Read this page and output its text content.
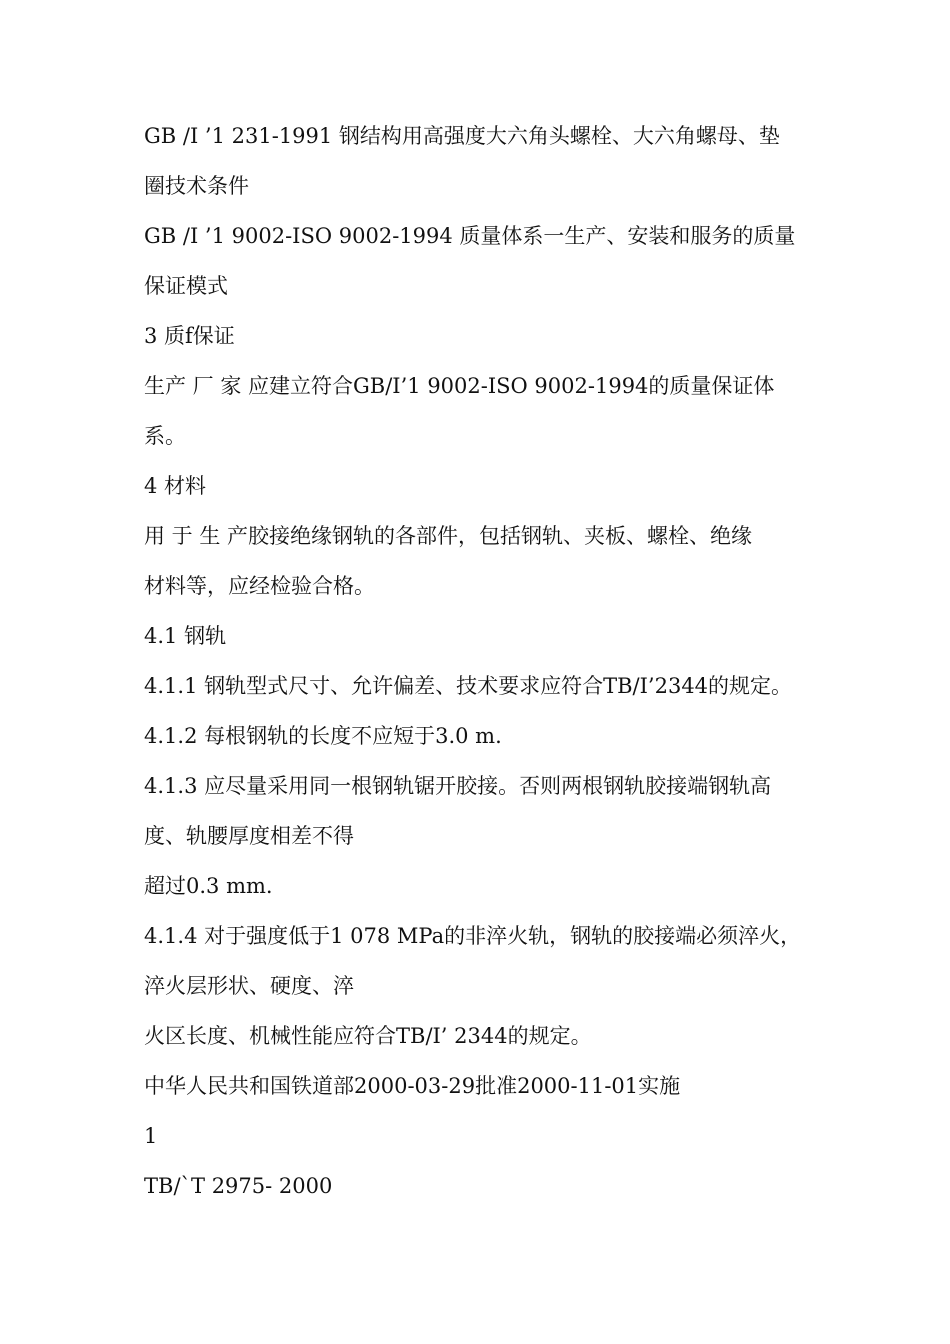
GB /I ’1 231-1991 钢结构用高强度大六角头螺栓、大六角螺母、垫
圈技术条件
GB /I ’1 9002-ISO 9002-1994 质量体系一生产、安装和服务的质量
保证模式
3 质f保证
生产 厂 家 应建立符合GB/I’1 9002-ISO 9002-1994的质量保证体
系。
4 材料
用 于 生 产胶接绝缘钢轨的各部件，包括钢轨、夹板、螺栓、绝缘
材料等，应经检验合格。
4.1 钢轨
4.1.1 钢轨型式尺寸、允许偏差、技术要求应符合TB/I’2344的规定。
4.1.2 每根钢轨的长度不应短于3.0 m.
4.1.3 应尽量采用同一根钢轨锯开胶接。否则两根钢轨胶接端钢轨高
度、轨腰厚度相差不得
超过0.3 mm.
4.1.4 对于强度低于1 078 MPa的非淬火轨，钢轨的胶接端必须淬火，
淬火层形状、硬度、淬
火区长度、机械性能应符合TB/I’ 2344的规定。
中华人民共和国铁道部2000-03-29批准2000-11-01实施
1
TB/`T 2975- 2000
